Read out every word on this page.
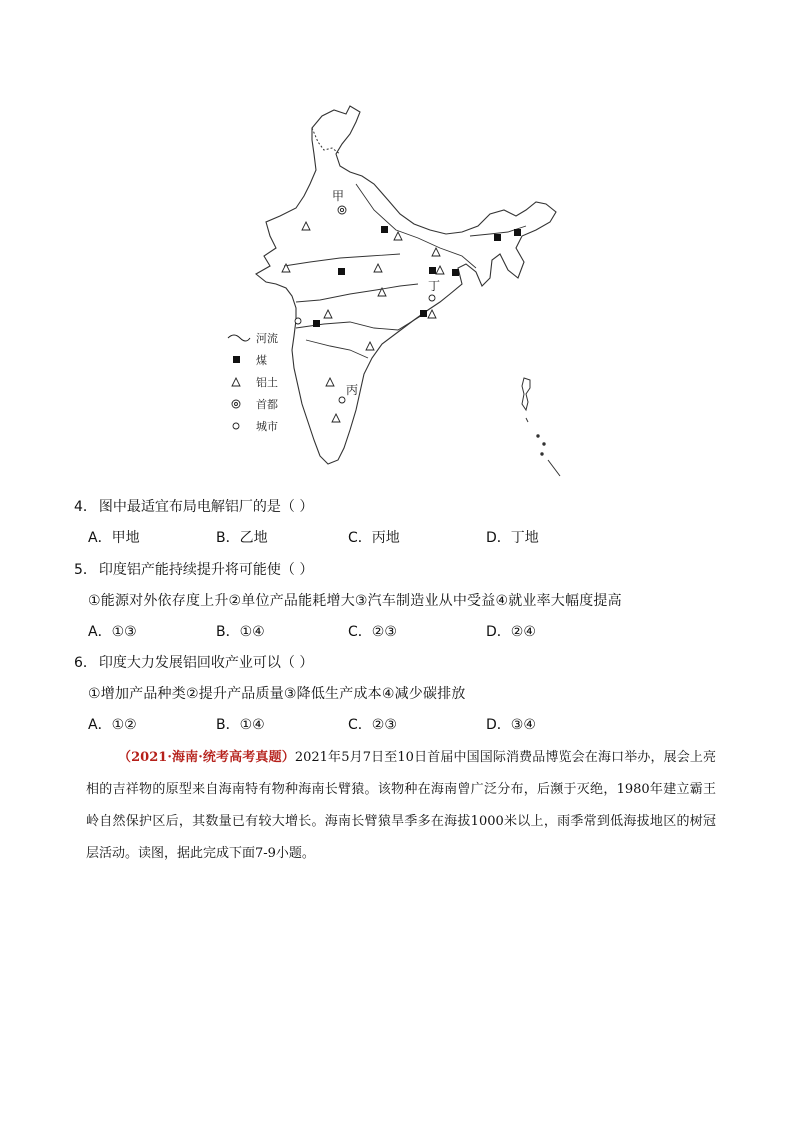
甲
丁
丙
河流
煤
铝土
首都
城市
4． 图中最适宜布局电解铝厂的是（ ）
A．甲地	B．乙地	C．丙地	D．丁地
5． 印度铝产能持续提升将可能使（ ）
①能源对外依存度上升②单位产品能耗增大③汽车制造业从中受益④就业率大幅度提高
A．①③	B．①④	C．②③	D．②④
6． 印度大力发展铝回收产业可以（ ）
①增加产品种类②提升产品质量③降低生产成本④减少碳排放
A．①②	B．①④	C．②③	D．③④
（2021·海南·统考高考真题）2021年5月7日至10日首届中国国际消费品博览会在海口举办，展会上亮相的吉祥物的原型来自海南特有物种海南长臂猿。该物种在海南曾广泛分布，后濒于灭绝，1980年建立霸王岭自然保护区后，其数量已有较大增长。海南长臂猿旱季多在海拔1000米以上，雨季常到低海拔地区的树冠层活动。读图，据此完成下面7-9小题。
